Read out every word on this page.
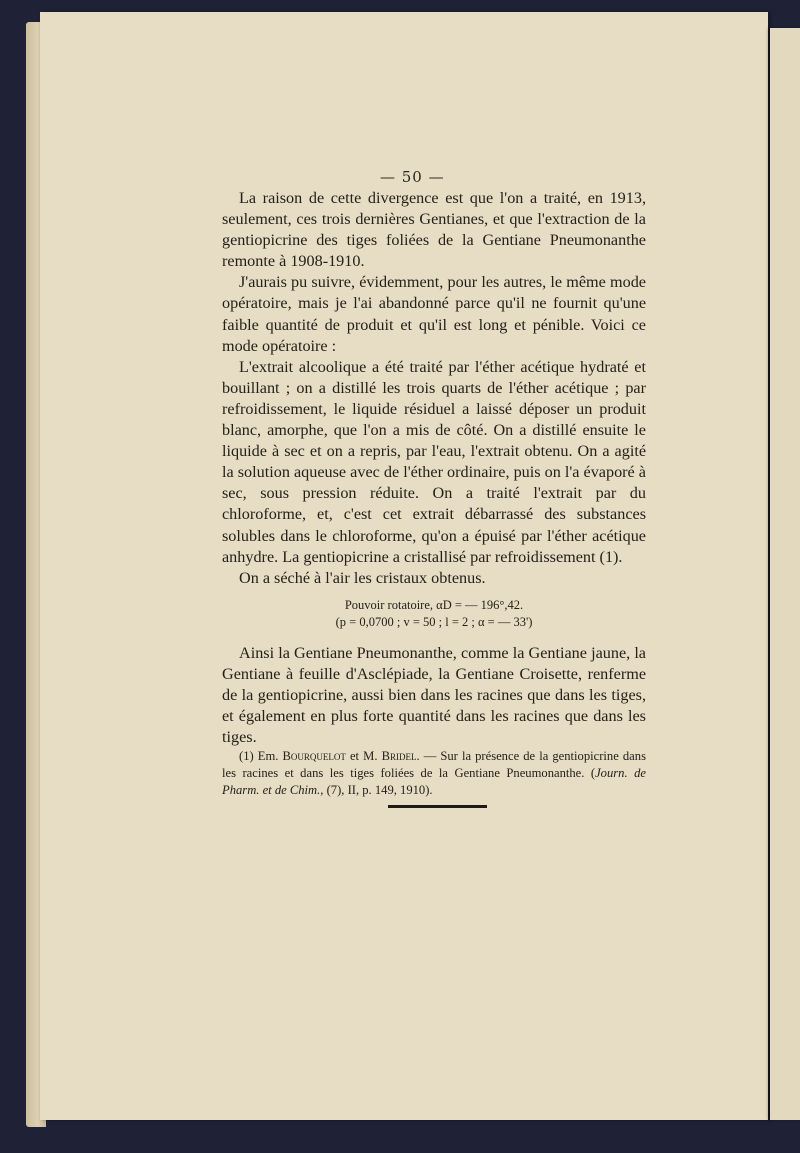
— 50 —

La raison de cette divergence est que l'on a traité, en 1913, seulement, ces trois dernières Gentianes, et que l'extraction de la gentiopicrine des tiges foliées de la Gentiane Pneumonanthe remonte à 1908-1910.

J'aurais pu suivre, évidemment, pour les autres, le même mode opératoire, mais je l'ai abandonné parce qu'il ne fournit qu'une faible quantité de produit et qu'il est long et pénible. Voici ce mode opératoire :

L'extrait alcoolique a été traité par l'éther acétique hydraté et bouillant ; on a distillé les trois quarts de l'éther acétique ; par refroidissement, le liquide résiduel a laissé déposer un produit blanc, amorphe, que l'on a mis de côté. On a distillé ensuite le liquide à sec et on a repris, par l'eau, l'extrait obtenu. On a agité la solution aqueuse avec de l'éther ordinaire, puis on l'a évaporé à sec, sous pression réduite. On a traité l'extrait par du chloroforme, et, c'est cet extrait débarrassé des substances solubles dans le chloroforme, qu'on a épuisé par l'éther acétique anhydre. La gentiopicrine a cristallisé par refroidissement (1).

On a séché à l'air les cristaux obtenus.

Pouvoir rotatoire, αD = — 196°,42.
(p = 0,0700 ; v = 50 ; l = 2 ; α = — 33')

Ainsi la Gentiane Pneumonanthe, comme la Gentiane jaune, la Gentiane à feuille d'Asclépiade, la Gentiane Croisette, renferme de la gentiopicrine, aussi bien dans les racines que dans les tiges, et également en plus forte quantité dans les racines que dans les tiges.

(1) Em. Bourquelot et M. Bridel. — Sur la présence de la gentiopicrine dans les racines et dans les tiges foliées de la Gentiane Pneumonanthe. (Journ. de Pharm. et de Chim., (7), II, p. 149, 1910).
